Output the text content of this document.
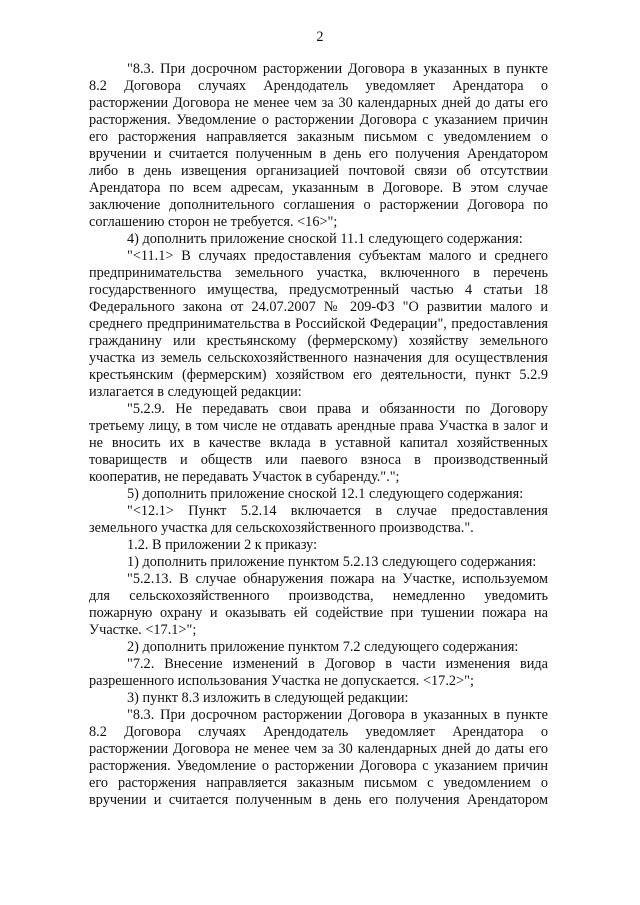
2

"8.3. При досрочном расторжении Договора в указанных в пункте 8.2 Договора случаях Арендодатель уведомляет Арендатора о расторжении Договора не менее чем за 30 календарных дней до даты его расторжения. Уведомление о расторжении Договора с указанием причин его расторжения направляется заказным письмом с уведомлением о вручении и считается полученным в день его получения Арендатором либо в день извещения организацией почтовой связи об отсутствии Арендатора по всем адресам, указанным в Договоре. В этом случае заключение дополнительного соглашения о расторжении Договора по соглашению сторон не требуется. <16>";

4) дополнить приложение сноской 11.1 следующего содержания:

"<11.1> В случаях предоставления субъектам малого и среднего предпринимательства земельного участка, включенного в перечень государственного имущества, предусмотренный частью 4 статьи 18 Федерального закона от 24.07.2007 № 209-ФЗ "О развитии малого и среднего предпринимательства в Российской Федерации", предоставления гражданину или крестьянскому (фермерскому) хозяйству земельного участка из земель сельскохозяйственного назначения для осуществления крестьянским (фермерским) хозяйством его деятельности, пункт 5.2.9 излагается в следующей редакции:

"5.2.9. Не передавать свои права и обязанности по Договору третьему лицу, в том числе не отдавать арендные права Участка в залог и не вносить их в качестве вклада в уставной капитал хозяйственных товариществ и обществ или паевого взноса в производственный кооператив, не передавать Участок в субаренду.".";

5) дополнить приложение сноской 12.1 следующего содержания:

"<12.1> Пункт 5.2.14 включается в случае предоставления земельного участка для сельскохозяйственного производства.".

1.2. В приложении 2 к приказу:

1) дополнить приложение пунктом 5.2.13 следующего содержания:

"5.2.13. В случае обнаружения пожара на Участке, используемом для сельскохозяйственного производства, немедленно уведомить пожарную охрану и оказывать ей содействие при тушении пожара на Участке. <17.1>";

2) дополнить приложение пунктом 7.2 следующего содержания:

"7.2. Внесение изменений в Договор в части изменения вида разрешенного использования Участка не допускается. <17.2>";

3) пункт 8.3 изложить в следующей редакции:

"8.3. При досрочном расторжении Договора в указанных в пункте 8.2 Договора случаях Арендодатель уведомляет Арендатора о расторжении Договора не менее чем за 30 календарных дней до даты его расторжения. Уведомление о расторжении Договора с указанием причин его расторжения направляется заказным письмом с уведомлением о вручении и считается полученным в день его получения Арендатором
